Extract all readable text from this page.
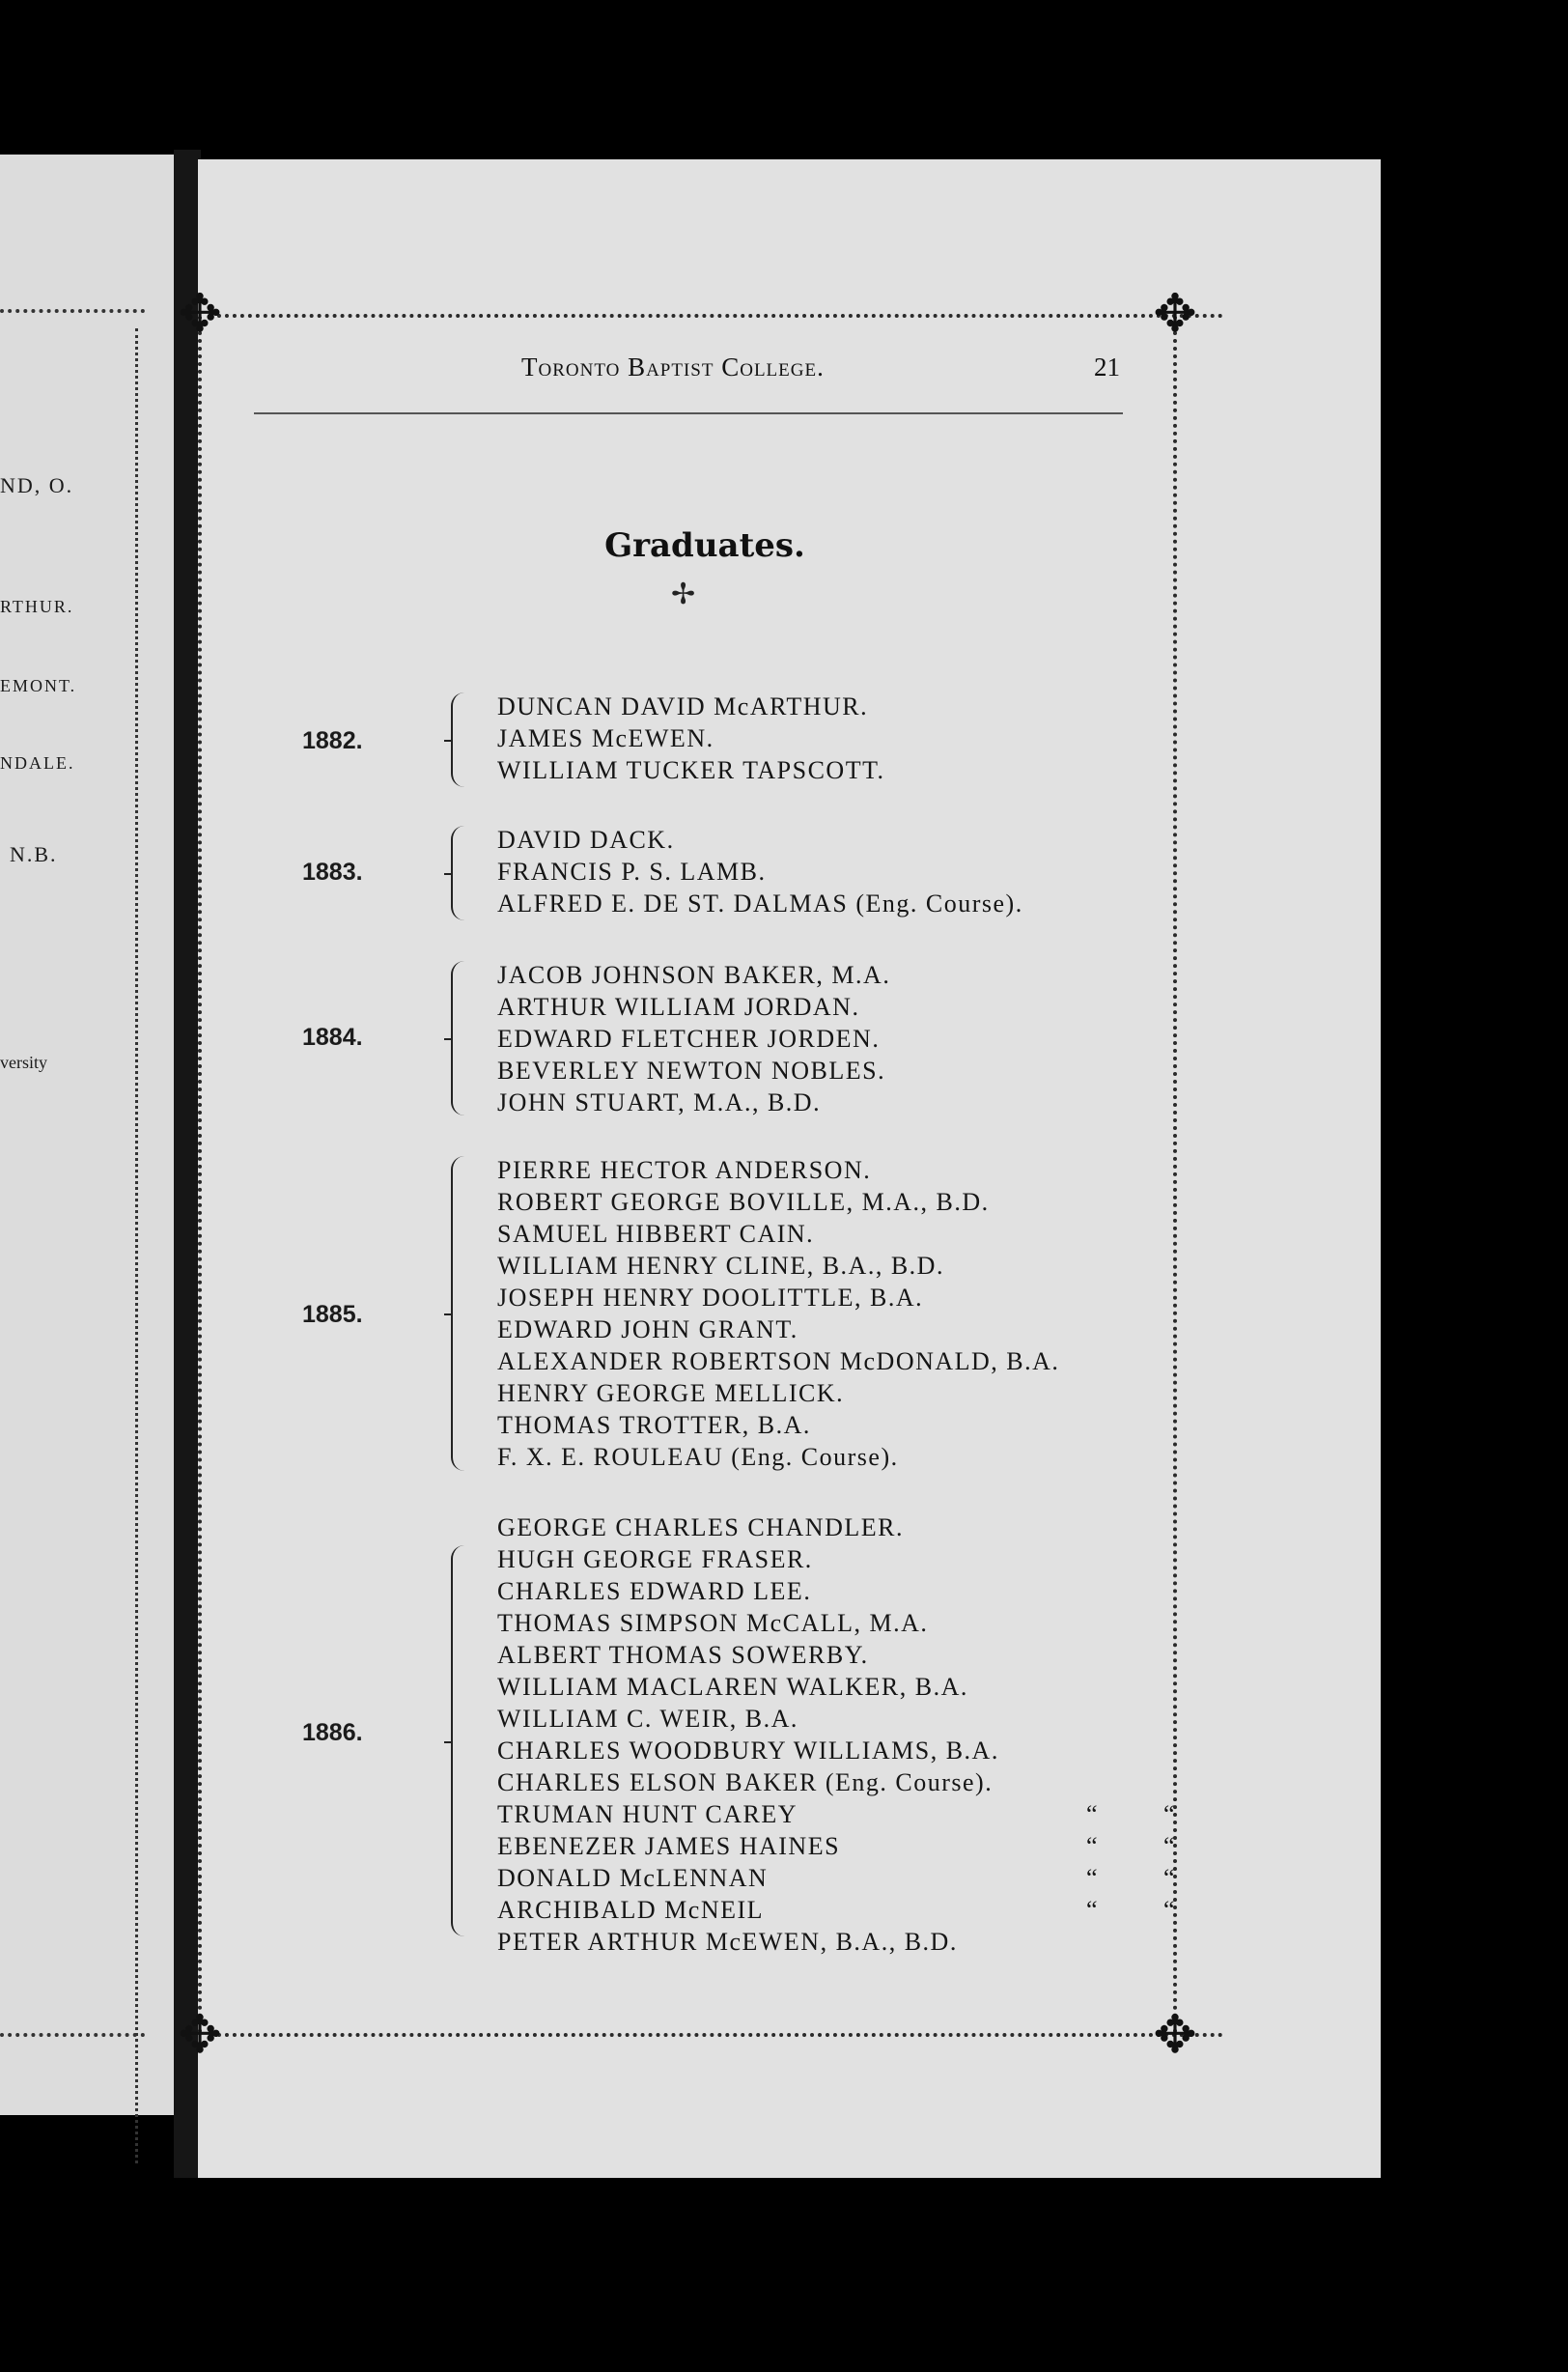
ND, O.
RTHUR.
EMONT.
NDALE.
N.B.
versity
✥	✥
✥	✥
Toronto Baptist College.	21
Graduates.
✢
1882.
DUNCAN DAVID McARTHUR.
JAMES McEWEN.
WILLIAM TUCKER TAPSCOTT.
1883.
DAVID DACK.
FRANCIS P. S. LAMB.
ALFRED E. DE ST. DALMAS (Eng. Course).
1884.
JACOB JOHNSON BAKER, M.A.
ARTHUR WILLIAM JORDAN.
EDWARD FLETCHER JORDEN.
BEVERLEY NEWTON NOBLES.
JOHN STUART, M.A., B.D.
1885.
PIERRE HECTOR ANDERSON.
ROBERT GEORGE BOVILLE, M.A., B.D.
SAMUEL HIBBERT CAIN.
WILLIAM HENRY CLINE, B.A., B.D.
JOSEPH HENRY DOOLITTLE, B.A.
EDWARD JOHN GRANT.
ALEXANDER ROBERTSON McDONALD, B.A.
HENRY GEORGE MELLICK.
THOMAS TROTTER, B.A.
F. X. E. ROULEAU (Eng. Course).
1886.
GEORGE CHARLES CHANDLER.
HUGH GEORGE FRASER.
CHARLES EDWARD LEE.
THOMAS SIMPSON McCALL, M.A.
ALBERT THOMAS SOWERBY.
WILLIAM MACLAREN WALKER, B.A.
WILLIAM C. WEIR, B.A.
CHARLES WOODBURY WILLIAMS, B.A.
CHARLES ELSON BAKER (Eng. Course).
TRUMAN HUNT CAREY	“	“
EBENEZER JAMES HAINES	“	“
DONALD McLENNAN	“	“
ARCHIBALD McNEIL	“	“
PETER ARTHUR McEWEN, B.A., B.D.
